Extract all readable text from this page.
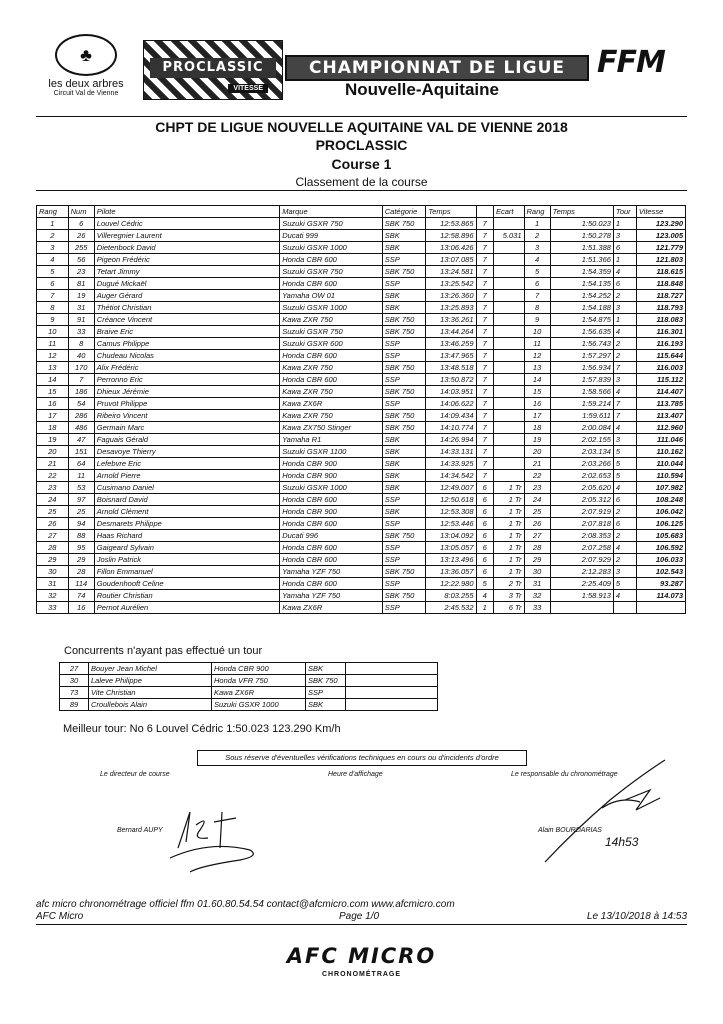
♣
les deux arbres
Circuit Val de Vienne
PROCLASSIC
VITESSE
CHAMPIONNAT DE LIGUE
Nouvelle-Aquitaine
FFM
CHPT DE LIGUE NOUVELLE AQUITAINE VAL DE VIENNE 2018
PROCLASSIC
Course 1
Classement de la course
Rang	Num	Pilote	Marque	Catégorie	Temps		Ecart	Rang	Temps	Tour	Vitesse
1	6	Louvel Cédric	Suzuki GSXR 750	SBK 750	12:53.865	7		1	1:50.023	1	123.290
2	26	Villeregnier Laurent	Ducati 999	SBK	12:58.896	7	5.031	2	1:50.278	3	123.005
3	255	Dietenbock David	Suzuki GSXR 1000	SBK	13:06.426	7		3	1:51.388	6	121.779
4	56	Pigeon Frédéric	Honda CBR 600	SSP	13:07.085	7		4	1:51.366	1	121.803
5	23	Tetart Jimmy	Suzuki GSXR 750	SBK 750	13:24.581	7		5	1:54.359	4	118.615
6	81	Dugué Mickaël	Honda CBR 600	SSP	13:25.542	7		6	1:54.135	6	118.848
7	19	Auger Gérard	Yamaha OW 01	SBK	13:26.360	7		7	1:54.252	2	118.727
8	31	Thétiot Christian	Suzuki GSXR 1000	SBK	13:25.893	7		8	1:54.188	3	118.793
9	91	Créance Vincent	Kawa ZXR 750	SBK 750	13:36.261	7		9	1:54.875	1	118.083
10	33	Braive Eric	Suzuki GSXR 750	SBK 750	13:44.264	7		10	1:56.635	4	116.301
11	8	Camus Philippe	Suzuki GSXR 600	SSP	13:46.259	7		11	1:56.743	2	116.193
12	40	Chudeau Nicolas	Honda CBR 600	SSP	13:47.965	7		12	1:57.297	2	115.644
13	170	Alix Frédéric	Kawa ZXR 750	SBK 750	13:48.518	7		13	1:56.934	7	116.003
14	7	Perronno Eric	Honda CBR 600	SSP	13:50.872	7		14	1:57.839	3	115.112
15	186	Dhieux Jérémie	Kawa ZXR 750	SBK 750	14:03.951	7		15	1:58.566	4	114.407
16	54	Pruvot Philippe	Kawa ZX6R	SSP	14:06.622	7		16	1:59.214	7	113.785
17	286	Ribeiro Vincent	Kawa ZXR 750	SBK 750	14:09.434	7		17	1:59.611	7	113.407
18	486	Germain Marc	Kawa ZX750 Stinger	SBK 750	14:10.774	7		18	2:00.084	4	112.960
19	47	Faguais Gérald	Yamaha R1	SBK	14:26.994	7		19	2:02.155	3	111.046
20	151	Desavoye Thierry	Suzuki GSXR 1100	SBK	14:33.131	7		20	2:03.134	5	110.162
21	64	Lefebvre Eric	Honda CBR 900	SBK	14:33.925	7		21	2:03.266	5	110.044
22	11	Arnold Pierre	Honda CBR 900	SBK	14:34.542	7		22	2:02.653	5	110.594
23	53	Cusimano Daniel	Suzuki GSXR 1000	SBK	12:49.007	6	1 Tr	23	2:05.620	4	107.982
24	97	Boisnard David	Honda CBR 600	SSP	12:50.618	6	1 Tr	24	2:05.312	6	108.248
25	25	Arnold Clément	Honda CBR 900	SBK	12:53.308	6	1 Tr	25	2:07.919	2	106.042
26	94	Desmarets Philippe	Honda CBR 600	SSP	12:53.446	6	1 Tr	26	2:07.818	6	106.125
27	88	Haas Richard	Ducati 996	SBK 750	13:04.092	6	1 Tr	27	2:08.353	2	105.683
28	95	Gaigeard Sylvain	Honda CBR 600	SSP	13:05.057	6	1 Tr	28	2:07.258	4	106.592
29	29	Joslin Patrick	Honda CBR 600	SSP	13:13.496	6	1 Tr	29	2:07.929	2	106.033
30	28	Fillon Emmanuel	Yamaha YZF 750	SBK 750	13:36.057	6	1 Tr	30	2:12.283	3	102.543
31	114	Goudenhooft Celine	Honda CBR 600	SSP	12:22.980	5	2 Tr	31	2:25.409	5	93.287
32	74	Routier Christian	Yamaha YZF 750	SBK 750	8:03.255	4	3 Tr	32	1:58.913	4	114.073
33	16	Pernot Aurélien	Kawa ZX6R	SSP	2:45.532	1	6 Tr	33			
Concurrents n'ayant pas effectué un tour
27	Bouyer Jean Michel	Honda CBR 900	SBK	
30	Laleve Philippe	Honda VFR 750	SBK 750	
73	Vite Christian	Kawa ZX6R	SSP	
89	Croullebois Alain	Suzuki GSXR 1000	SBK	
Meilleur tour: No 6 Louvel Cédric 1:50.023 123.290 Km/h
Sous réserve d'éventuelles vérifications techniques en cours ou d'incidents d'ordre
Le directeur de course	Heure d'affichage	Le responsable du chronométrage
Bernard AUPY	Alain BOURDARIAS
14h53
afc micro chronométrage officiel ffm 01.60.80.54.54 contact@afcmicro.com www.afcmicro.com
AFC Micro	Page 1/0	Le 13/10/2018 à 14:53
AFC MICRO
CHRONOMÉTRAGE
